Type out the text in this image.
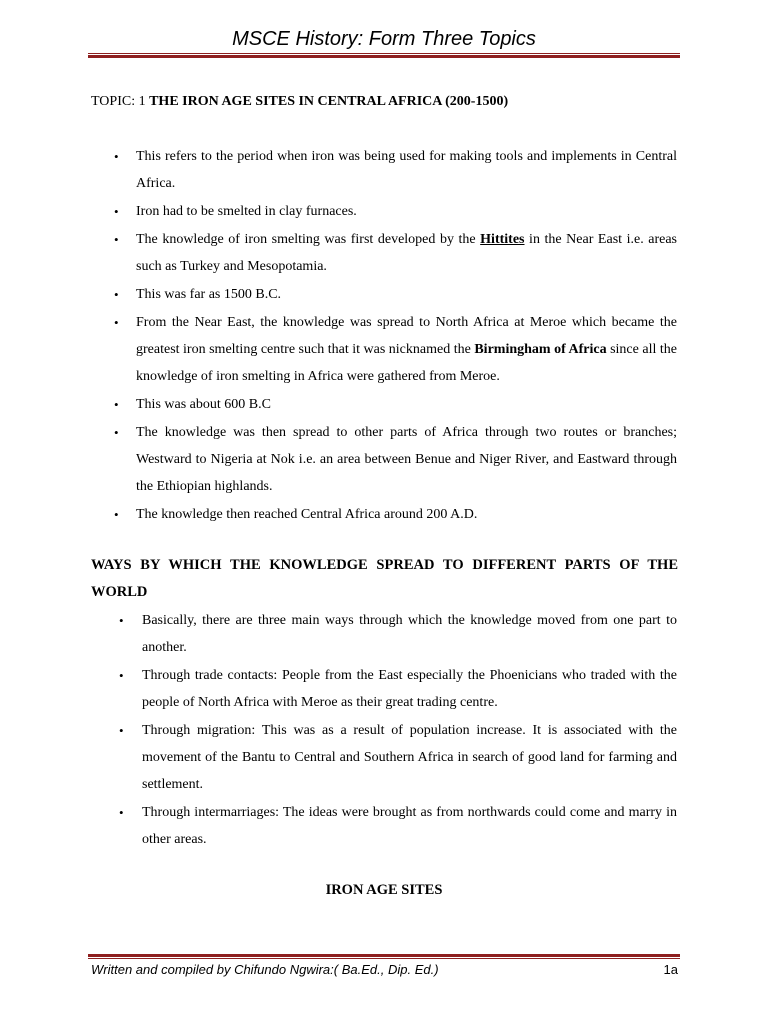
MSCE History: Form Three Topics
TOPIC: 1 THE IRON AGE SITES IN CENTRAL AFRICA (200-1500)
• This refers to the period when iron was being used for making tools and implements in Central Africa.
• Iron had to be smelted in clay furnaces.
• The knowledge of iron smelting was first developed by the Hittites in the Near East i.e. areas such as Turkey and Mesopotamia.
• This was far as 1500 B.C.
• From the Near East, the knowledge was spread to North Africa at Meroe which became the greatest iron smelting centre such that it was nicknamed the Birmingham of Africa since all the knowledge of iron smelting in Africa were gathered from Meroe.
• This was about 600 B.C
• The knowledge was then spread to other parts of Africa through two routes or branches; Westward to Nigeria at Nok i.e. an area between Benue and Niger River, and Eastward through the Ethiopian highlands.
• The knowledge then reached Central Africa around 200 A.D.
WAYS BY WHICH THE KNOWLEDGE SPREAD TO DIFFERENT PARTS OF THE WORLD
• Basically, there are three main ways through which the knowledge moved from one part to another.
• Through trade contacts: People from the East especially the Phoenicians who traded with the people of North Africa with Meroe as their great trading centre.
• Through migration: This was as a result of population increase. It is associated with the movement of the Bantu to Central and Southern Africa in search of good land for farming and settlement.
• Through intermarriages: The ideas were brought as from northwards could come and marry in other areas.
IRON AGE SITES
Written and compiled by Chifundo Ngwira:( Ba.Ed., Dip. Ed.)	1a
